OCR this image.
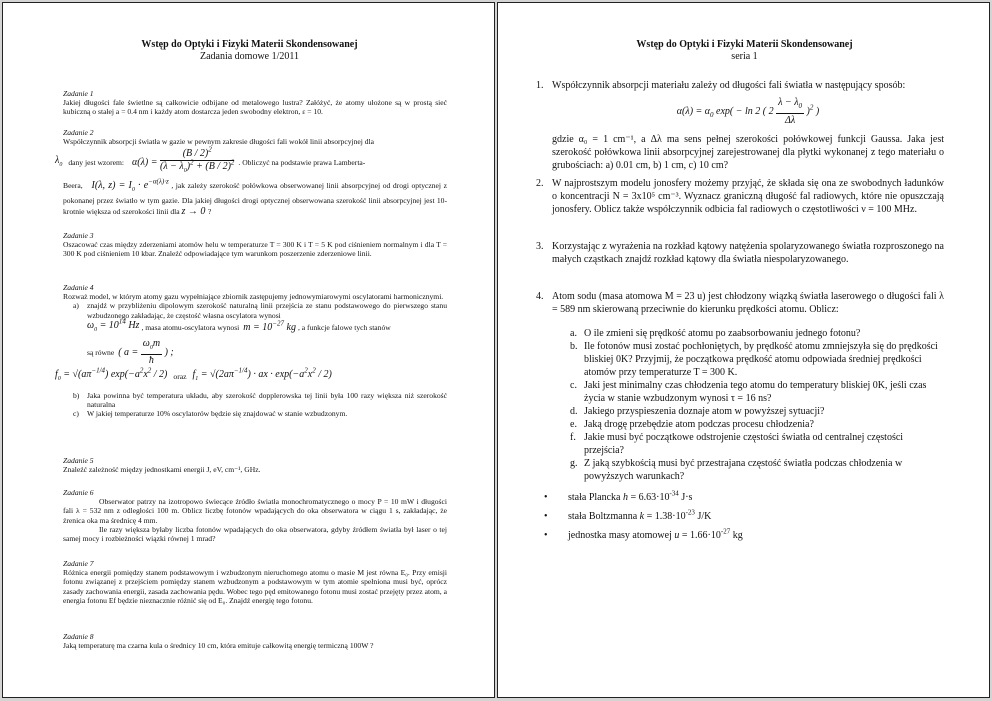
Wstęp do Optyki i Fizyki Materii Skondensowanej
Zadania domowe 1/2011
Zadanie 1

Jakiej długości fale świetlne są całkowicie odbijane od metalowego lustra? Załóżyć, że atomy ułożone są w prostą sieć kubiczną o stałej a = 0.4 nm i każdy atom dostarcza jeden swobodny elektron, ε = 10.

Zadanie 2

Współczynnik absorpcji światła w gazie w pewnym zakresie długości fali wokół linii absorpcyjnej dla

$\lambda_0$ dany jest wzorem: $\alpha(\lambda) = \frac{(B / 2)^2}{(\lambda - \lambda_0)^2 + (B / 2)^2}$ . Obliczyć na podstawie prawa Lamberta-

Beera,   I(λ, $z) = I_0 \cdot e^{-\alpha(\lambda)\cdot z}$ , jak zależy szerokość połówkowa obserwowanej linii absorpcyjnej od drogi optycznej z pokonanej przez światło w tym gazie. Dla jakiej długości drogi optycznej obserwowana szerokość linii absorpcyjnej jest 10-krotnie większa od szerokości linii dla z → 0 ?

Zadanie 3

Oszacować czas między zderzeniami atomów helu w temperaturze T = 300 K i T = 5 K pod ciśnieniem normalnym i dla T = 300 K pod ciśnieniem 10 kbar. Znaleźć odpowiadające tym warunkom poszerzenie zderzeniowe linii.

Zadanie 4

Rozważ model, w którym atomy gazu wypełniające zbiornik zastępujemy jednowymiarowymi oscylatorami harmonicznymi.

a)	znajdź w przybliżeniu dipolowym szerokość naturalną linii przejścia ze stanu podstawowego do pierwszego stanu wzbudzonego zakładając, że częstość własna oscylatora wynosi

$\omega_0 = 10^{14}$ Hz , masa atomu-oscylatora wynosi $m = 10^{-27}$ kg , a funkcje falowe tych stanów
są równe ( $a = \frac{\omega_0m}{ħ}$ ) ;
$f_0 = √(a\pi^{-1/4})$ $\exp(-a^2x^2 / 2)$ oraz $f_1 = √(2a\pi^{-1/4})$ · ax · $\exp(-a^2x^2 / 2)$
b)	Jaka powinna być temperatura układu, aby szerokość dopplerowska tej linii była 100 razy większa niż szerokość naturalna

c)	W jakiej temperaturze 10% oscylatorów będzie się znajdować w stanie wzbudzonym.

Zadanie 5

Znaleźć zależność między jednostkami energii J, eV, cm⁻¹, GHz.

Zadanie 6

Obserwator patrzy na izotropowo świecące źródło światła monochromatycznego o mocy P = 10 mW i długości fali λ = 532 nm z odległości 100 m. Oblicz liczbę fotonów wpadających do oka obserwatora w ciągu 1 s, zakładając, że źrenica oka ma średnicę 4 mm.

Ile razy większa byłaby liczba fotonów wpadających do oka obserwatora, gdyby źródłem światła był laser o tej samej mocy i rozbieżności wiązki równej 1 mrad?

Zadanie 7

Różnica energii pomiędzy stanem podstawowym i wzbudzonym nieruchomego atomu o masie M jest równa E₀. Przy emisji fotonu związanej z przejściem pomiędzy stanem wzbudzonym a podstawowym w tym atomie spełniona musi być, oprócz zasady zachowania energii, zasada zachowania pędu. Wobec tego pęd emitowanego fotonu musi zostać przejęty przez atom, a energia fotonu Ef będzie nieznacznie różnić się od E₀. Znajdź energię tego fotonu.

Zadanie 8

Jaką temperaturę ma czarna kula o średnicy 10 cm, która emituje całkowitą energię termiczną 100W ?

Wstęp do Optyki i Fizyki Materii Skondensowanej
seria 1
1. Współczynnik absorpcji materiału zależy od długości fali światła w następujący sposób:
$\alpha(\lambda) = \alpha_0$ exp( − ln 2 ( $2 \frac{\lambda - \lambda_0}{\Delta\lambda} )^2$ )
gdzie α₀ = 1 cm⁻¹, a Δλ ma sens pełnej szerokości połówkowej funkcji Gaussa. Jaka jest szerokość połówkowa linii absorpcyjnej zarejestrowanej dla płytki wykonanej z tego materiału o grubościach: a) 0.01 cm, b) 1 cm, c) 10 cm?
2. W najprostszym modelu jonosfery możemy przyjąć, że składa się ona ze swobodnych ładunków o koncentracji N = 3x10⁵ cm⁻³. Wyznacz graniczną długość fal radiowych, które nie opuszczają jonosfery. Oblicz także współczynnik odbicia fal radiowych o częstotliwości ν = 100 MHz.
3. Korzystając z wyrażenia na rozkład kątowy natężenia spolaryzowanego światła rozproszonego na małych cząstkach znajdź rozkład kątowy dla światła niespolaryzowanego.
4. Atom sodu (masa atomowa M = 23 u) jest chłodzony wiązką światła laserowego o długości fali λ = 589 nm skierowaną przeciwnie do kierunku prędkości atomu. Oblicz:
a. O ile zmieni się prędkość atomu po zaabsorbowaniu jednego fotonu?
b. Ile fotonów musi zostać pochłoniętych, by prędkość atomu zmniejszyła się do prędkości bliskiej 0K? Przyjmij, że początkowa prędkość atomu odpowiada średniej prędkości atomów przy temperaturze T = 300 K.
c. Jaki jest minimalny czas chłodzenia tego atomu do temperatury bliskiej 0K, jeśli czas życia w stanie wzbudzonym wynosi τ = 16 ns?
d. Jakiego przyspieszenia doznaje atom w powyższej sytuacji?
e. Jaką drogę przebędzie atom podczas procesu chłodzenia?
f. Jakie musi być początkowe odstrojenie częstości światła od centralnej częstości przejścia?
g. Z jaką szybkością musi być przestrajana częstość światła podczas chłodzenia w powyższych warunkach?
•	stała Plancka $h = 6.63\cdot 10^{-34}$ J·s
•	stała Boltzmanna $k = 1.38\cdot 10^{-23}$ J/K
•	jednostka masy atomowej $u = 1.66\cdot 10^{-27}$ kg
